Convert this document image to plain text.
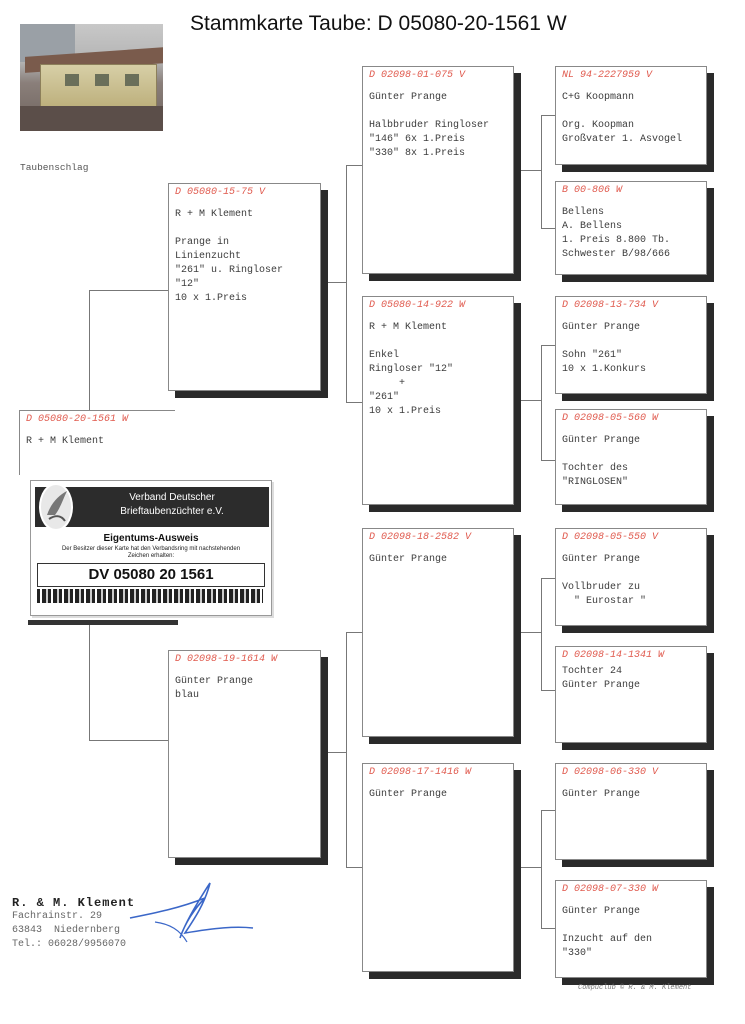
Stammkarte Taube: D 05080-20-1561 W
Taubenschlag
D 05080-20-1561 W
R + M Klement
D 05080-15-75 V
R + M Klement

Prange in
Linienzucht
"261" u. Ringloser
"12"
10 x 1.Preis
D 02098-19-1614 W
Günter Prange
blau
D 02098-01-075 V
Günter Prange

Halbbruder Ringloser
"146" 6x 1.Preis
"330" 8x 1.Preis
D 05080-14-922 W
R + M Klement

Enkel
Ringloser "12"
+
"261"
10 x 1.Preis
D 02098-18-2582 V
Günter Prange
D 02098-17-1416 W
Günter Prange
NL 94-2227959 V
C+G Koopmann

Org. Koopman
Großvater 1. Asvogel
B 00-806 W
Bellens
A. Bellens
1. Preis 8.800 Tb.
Schwester B/98/666
D 02098-13-734 V
Günter Prange

Sohn "261"
10 x 1.Konkurs
D 02098-05-560 W
Günter Prange

Tochter des
"RINGLOSEN"
D 02098-05-550 V
Günter Prange

Vollbruder zu
" Eurostar "
D 02098-14-1341 W
Tochter 24
Günter Prange
D 02098-06-330 V
Günter Prange
D 02098-07-330 W
Günter Prange

Inzucht auf den
"330"
Verband Deutscher
Brieftaubenzüchter e.V.
Eigentums-Ausweis
Der Besitzer dieser Karte hat den Verbandsring mit nachstehenden Zeichen erhalten:
DV 05080 20 1561
R. & M. Klement
Fachrainstr. 29
63843  Niedernberg
Tel.: 06028/9956070
Compuclub © R. & M. Klement
